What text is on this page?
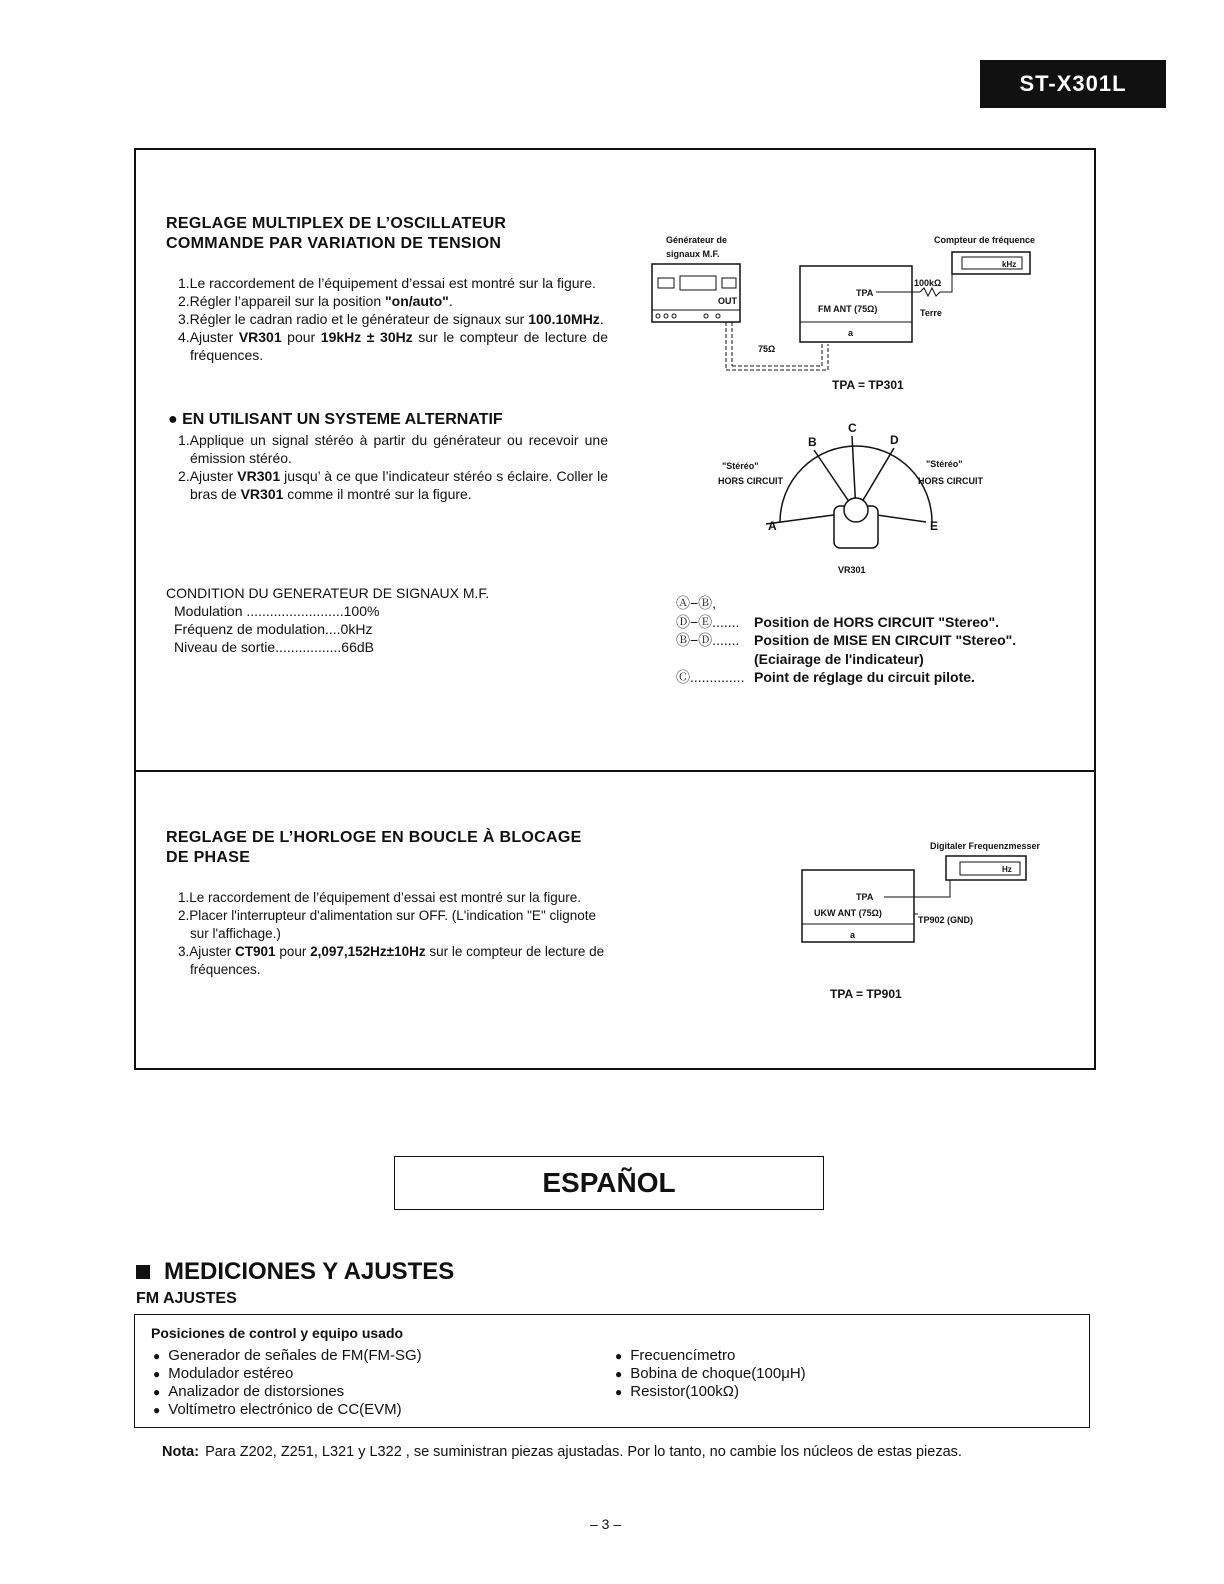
ST-X301L
REGLAGE MULTIPLEX DE L’OSCILLATEUR
COMMANDE PAR VARIATION DE TENSION
1.Le raccordement de l’équipement d’essai est montré sur la figure.
2.Régler l’appareil sur la position "on/auto".
3.Régler le cadran radio et le générateur de signaux sur 100.10MHz.
4.Ajuster VR301 pour 19kHz ± 30Hz sur le compteur de lecture de fréquences.
● EN UTILISANT UN SYSTEME ALTERNATIF
1.Applique un signal stéréo à partir du générateur ou recevoir une émission stéréo.
2.Ajuster VR301 jusqu’ à ce que l’indicateur stéréo s éclaire. Coller le bras de VR301 comme il montré sur la figure.
CONDITION DU GENERATEUR DE SIGNAUX M.F.
Modulation .........................100%
Fréquenz de modulation....0kHz
Niveau de sortie.................66dB
Générateur de
signaux M.F.
OUT
75Ω
TPA
FM ANT (75Ω)
a
100kΩ
Terre
Compteur de fréquence
kHz
TPA = TP301
A
B
C
D
E
"Stéréo"
HORS CIRCUIT
"Stéréo"
HORS CIRCUIT
VR301
Ⓐ−Ⓑ,
Ⓓ−Ⓔ....... Position de HORS CIRCUIT "Stereo".
Ⓑ−Ⓓ....... Position de MISE EN CIRCUIT "Stereo".
(Eciairage de l'indicateur)
Ⓒ.............. Point de réglage du circuit pilote.
REGLAGE DE L’HORLOGE EN BOUCLE À BLOCAGE
DE PHASE
1.Le raccordement de l’équipement d’essai est montré sur la figure.
2.Placer l'interrupteur d'alimentation sur OFF. (L'indication "E" clignote sur l'affichage.)
3.Ajuster CT901 pour 2,097,152Hz±10Hz sur le compteur de lecture de fréquences.
Digitaler Frequenzmesser
Hz
TPA
UKW ANT (75Ω)
a
TP902 (GND)
TPA = TP901
ESPAÑOL
MEDICIONES Y AJUSTES
FM AJUSTES
Posiciones de control y equipo usado
● Generador de señales de FM(FM-SG)
● Modulador estéreo
● Analizador de distorsiones
● Voltímetro electrónico de CC(EVM)
● Frecuencímetro
● Bobina de choque(100μH)
● Resistor(100kΩ)
Nota: Para Z202, Z251, L321 y L322 , se suministran piezas ajustadas. Por lo tanto, no cambie los núcleos de estas piezas.
– 3 –
